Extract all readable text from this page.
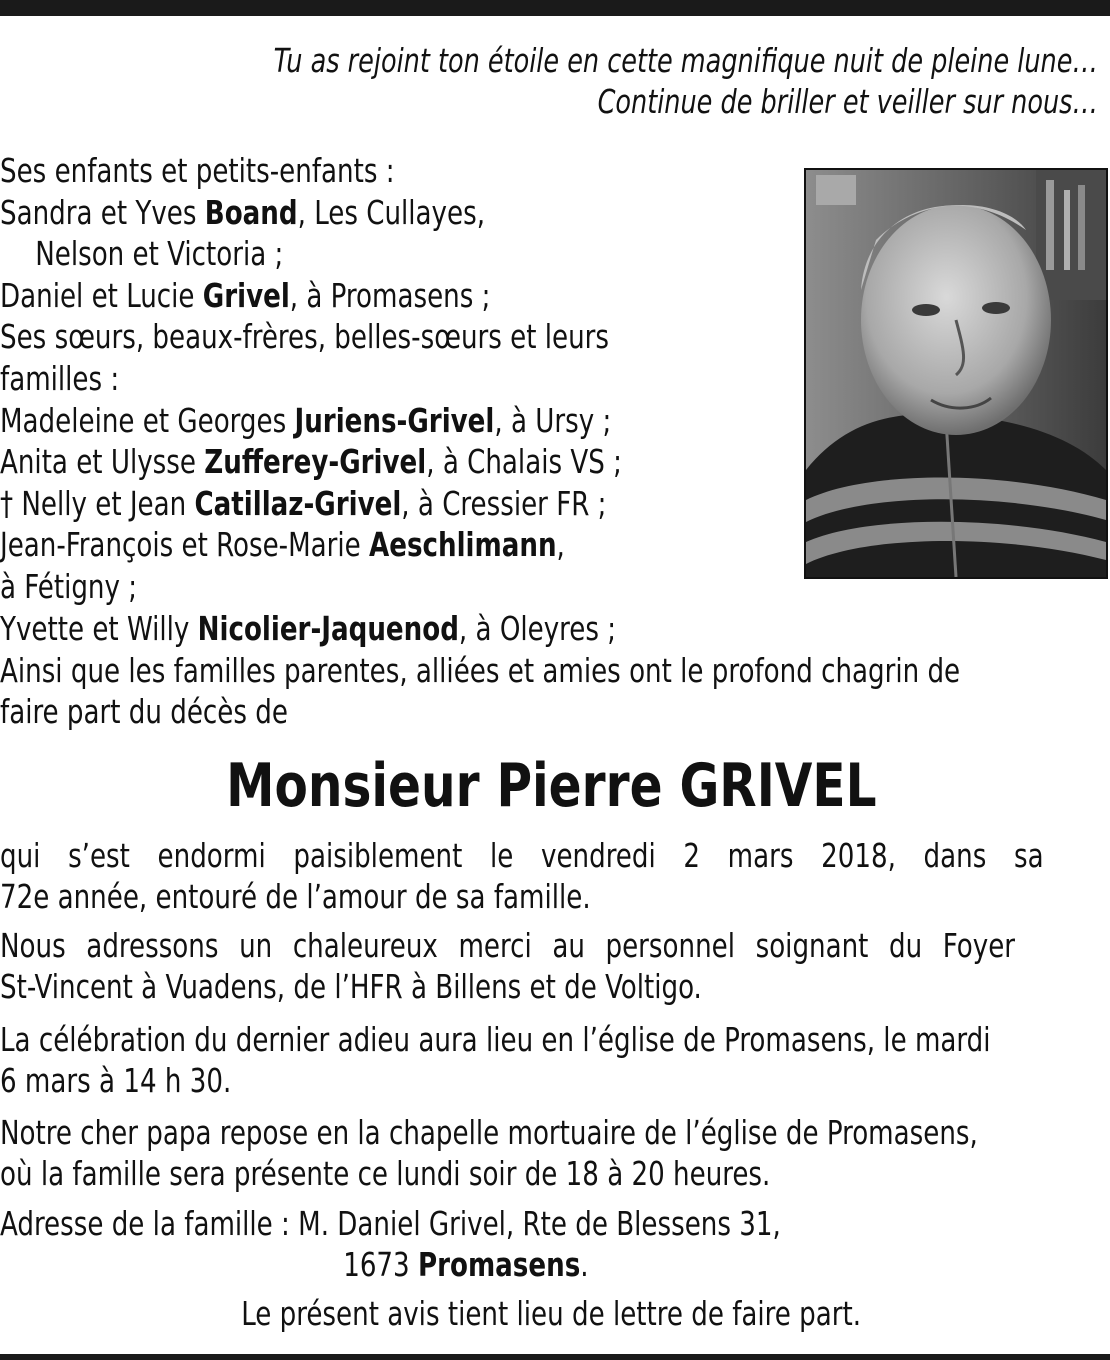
Tu as rejoint ton étoile en cette magnifique nuit de pleine lune…
Continue de briller et veiller sur nous…
Ses enfants et petits-enfants :
Sandra et Yves Boand, Les Cullayes,
Nelson et Victoria ;
Daniel et Lucie Grivel, à Promasens ;
Ses sœurs, beaux-frères, belles-sœurs et leurs
familles :
Madeleine et Georges Juriens-Grivel, à Ursy ;
Anita et Ulysse Zufferey-Grivel, à Chalais VS ;
† Nelly et Jean Catillaz-Grivel, à Cressier FR ;
Jean-François et Rose-Marie Aeschlimann,
à Fétigny ;
Yvette et Willy Nicolier-Jaquenod, à Oleyres ;
Ainsi que les familles parentes, alliées et amies ont le profond chagrin de
faire part du décès de
Monsieur Pierre GRIVEL
qui s’est endormi paisiblement le vendredi 2 mars 2018, dans sa
72e année, entouré de l’amour de sa famille.
Nous adressons un chaleureux merci au personnel soignant du Foyer
St-Vincent à Vuadens, de l’HFR à Billens et de Voltigo.
La célébration du dernier adieu aura lieu en l’église de Promasens, le mardi
6 mars à 14 h 30.
Notre cher papa repose en la chapelle mortuaire de l’église de Promasens,
où la famille sera présente ce lundi soir de 18 à 20 heures.
Adresse de la famille : M. Daniel Grivel, Rte de Blessens 31,
1673 Promasens.
Le présent avis tient lieu de lettre de faire part.
